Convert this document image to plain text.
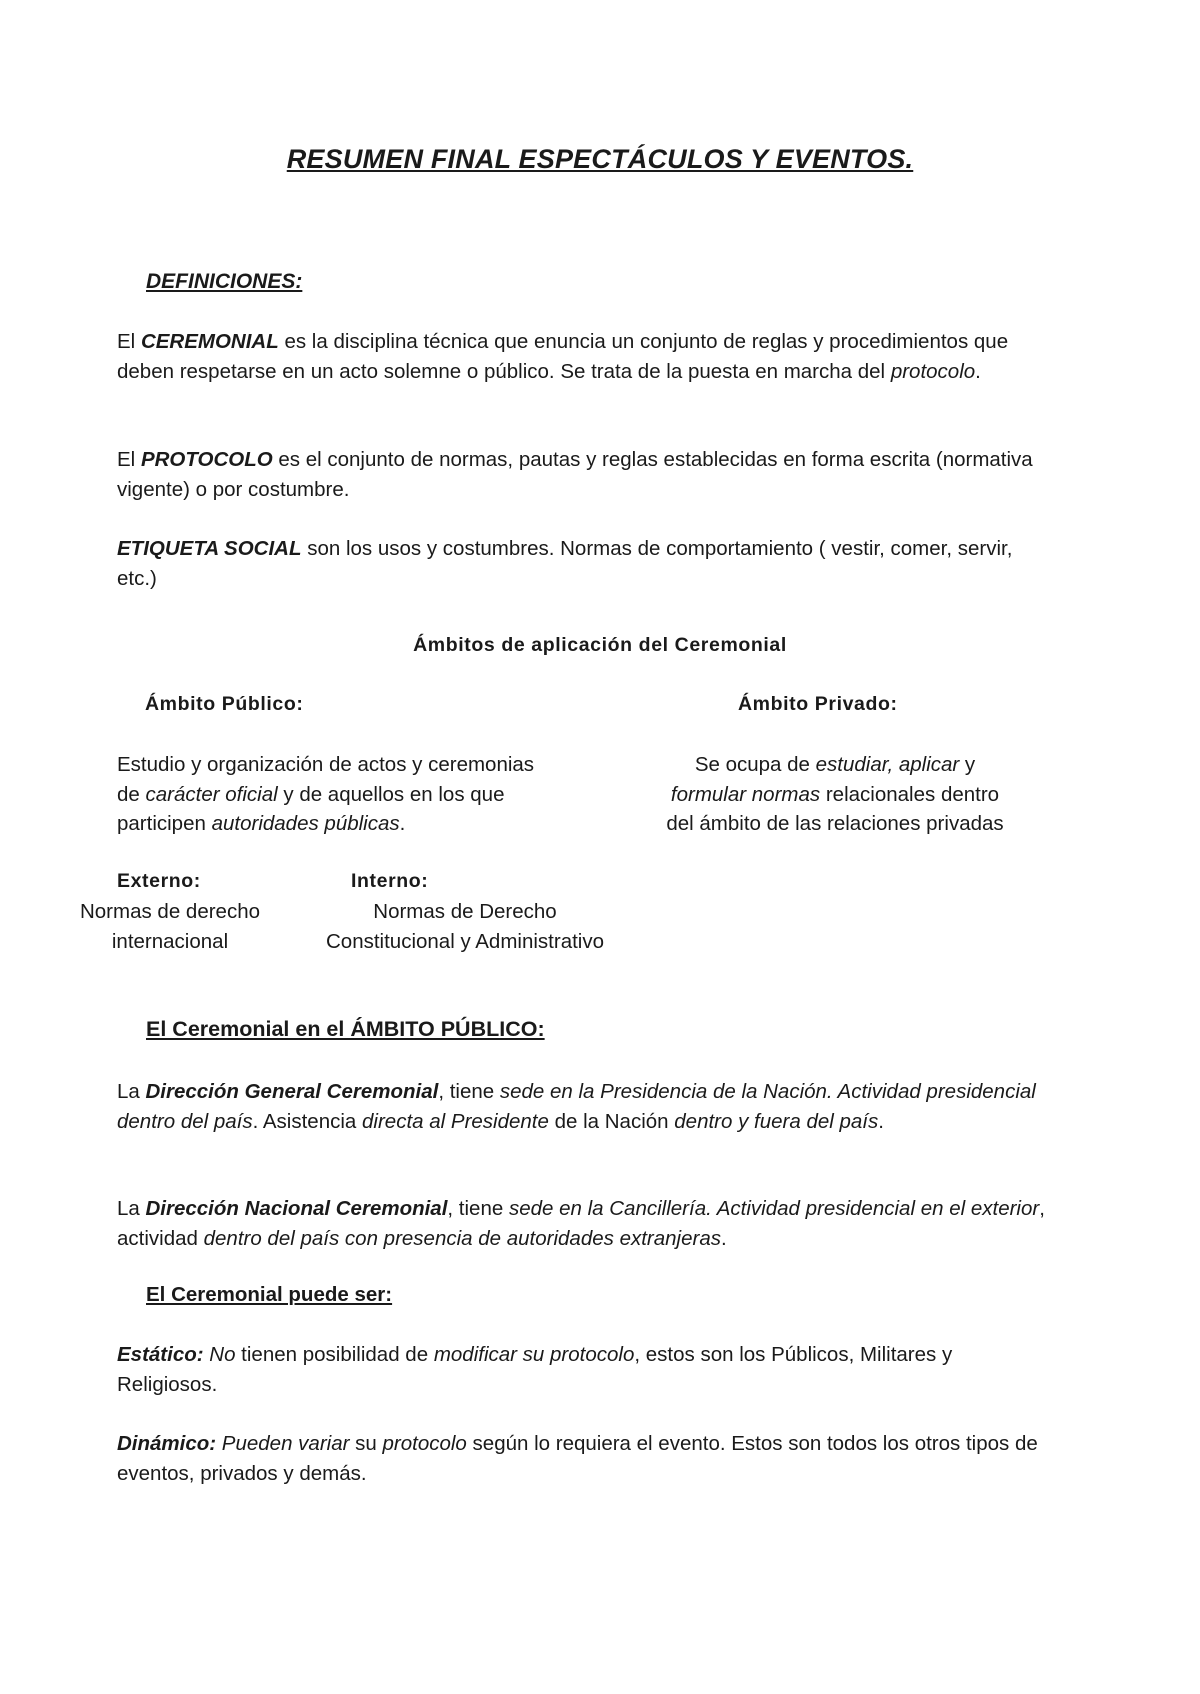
RESUMEN FINAL ESPECTÁCULOS Y EVENTOS.
DEFINICIONES:
El CEREMONIAL es la disciplina técnica que enuncia un conjunto de reglas y procedimientos que deben respetarse en un acto solemne o público. Se trata de la puesta en marcha del protocolo.
El PROTOCOLO es el conjunto de normas, pautas y reglas establecidas en forma escrita (normativa vigente) o por costumbre.
ETIQUETA SOCIAL son los usos y costumbres. Normas de comportamiento ( vestir, comer, servir, etc.)
Ámbitos de aplicación del Ceremonial
Ámbito Público:	Ámbito Privado:
Estudio y organización de actos y ceremonias
de carácter oficial y de aquellos en los que
participen autoridades públicas.
Se ocupa de estudiar, aplicar y
formular normas relacionales dentro
del ámbito de las relaciones privadas
Externo:	Interno:
Normas de derecho
internacional
Normas de Derecho
Constitucional y Administrativo
El Ceremonial en el ÁMBITO PÚBLICO:
La Dirección General Ceremonial, tiene sede en la Presidencia de la Nación. Actividad presidencial dentro del país. Asistencia directa al Presidente de la Nación dentro y fuera del país.
La Dirección Nacional Ceremonial, tiene sede en la Cancillería. Actividad presidencial en el exterior, actividad dentro del país con presencia de autoridades extranjeras.
El Ceremonial puede ser:
Estático: No tienen posibilidad de modificar su protocolo, estos son los Públicos, Militares y Religiosos.
Dinámico: Pueden variar su protocolo según lo requiera el evento. Estos son todos los otros tipos de eventos, privados y demás.
